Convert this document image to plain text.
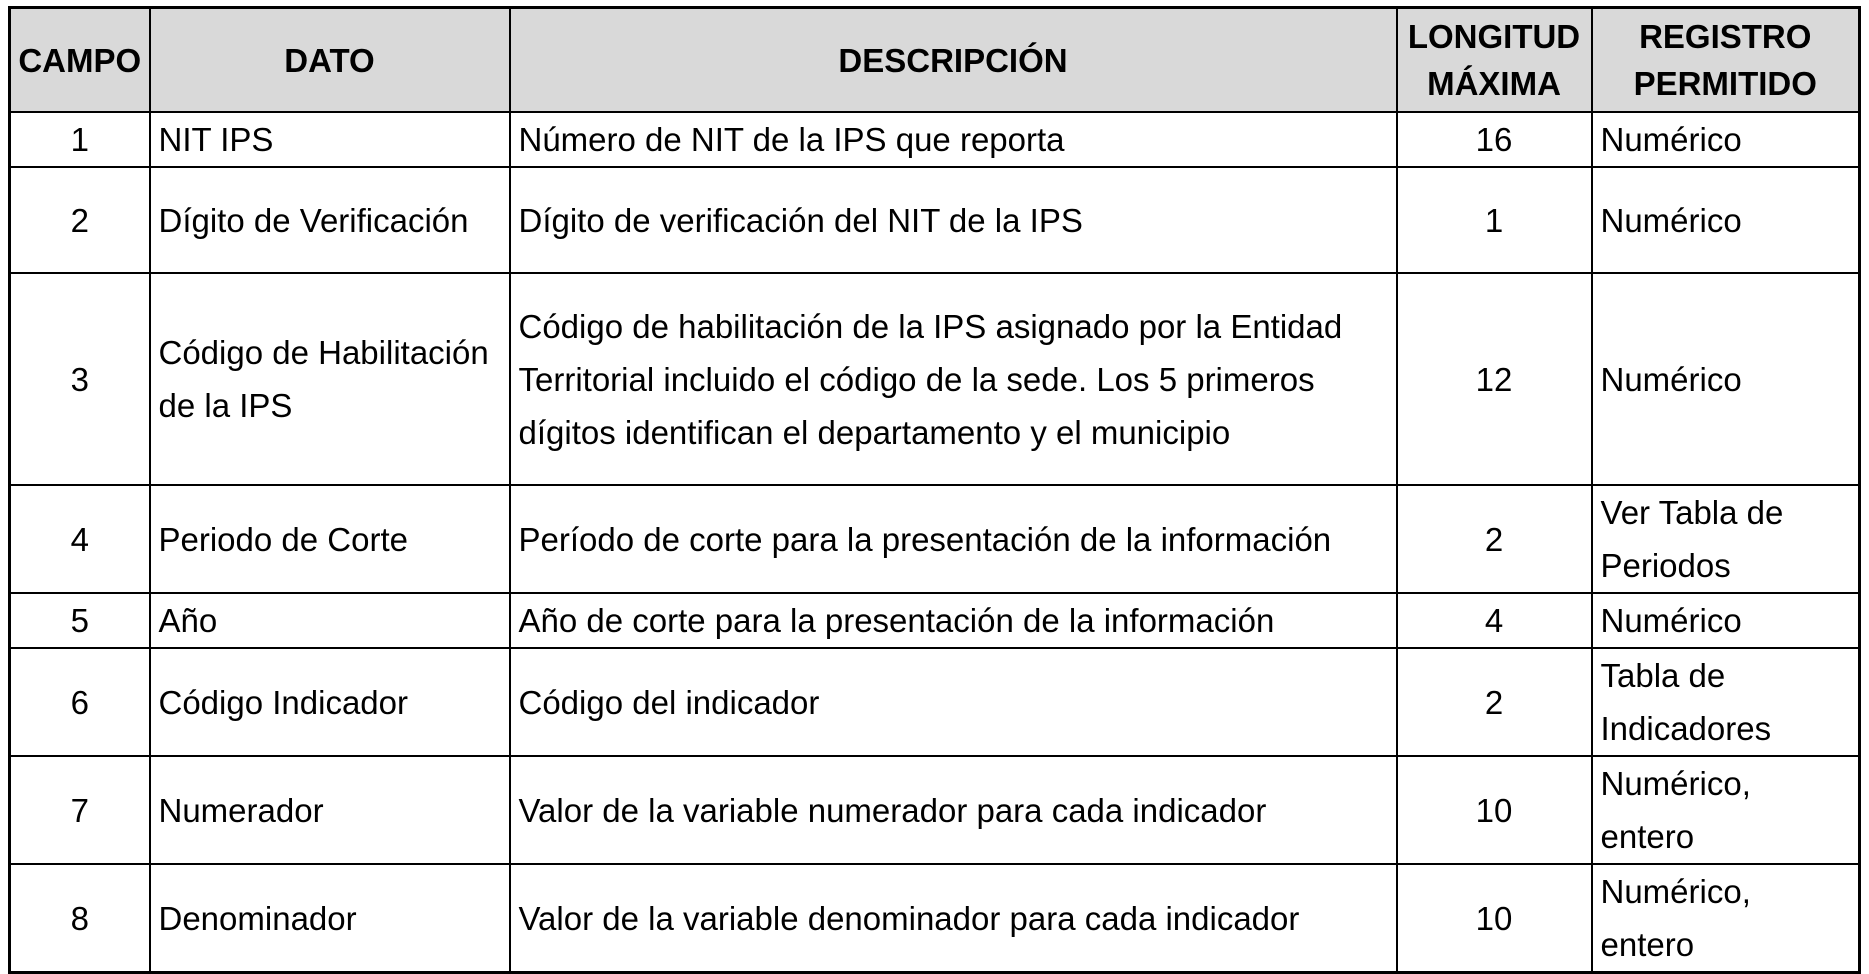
CAMPO	DATO	DESCRIPCIÓN	LONGITUD MÁXIMA	REGISTRO PERMITIDO
1	NIT IPS	Número de NIT de la IPS que reporta	16	Numérico
2	Dígito de Verificación	Dígito de verificación del NIT de la IPS	1	Numérico
3	Código de Habilitación de la IPS	Código de habilitación de la IPS asignado por la Entidad Territorial incluido el código de la sede. Los 5 primeros dígitos identifican el departamento y el municipio	12	Numérico
4	Periodo de Corte	Período de corte para la presentación de la información	2	Ver Tabla de Periodos
5	Año	Año de corte para la presentación de la información	4	Numérico
6	Código Indicador	Código del indicador	2	Tabla de Indicadores
7	Numerador	Valor de la variable numerador para cada indicador	10	Numérico, entero
8	Denominador	Valor de la variable denominador para cada indicador	10	Numérico, entero
